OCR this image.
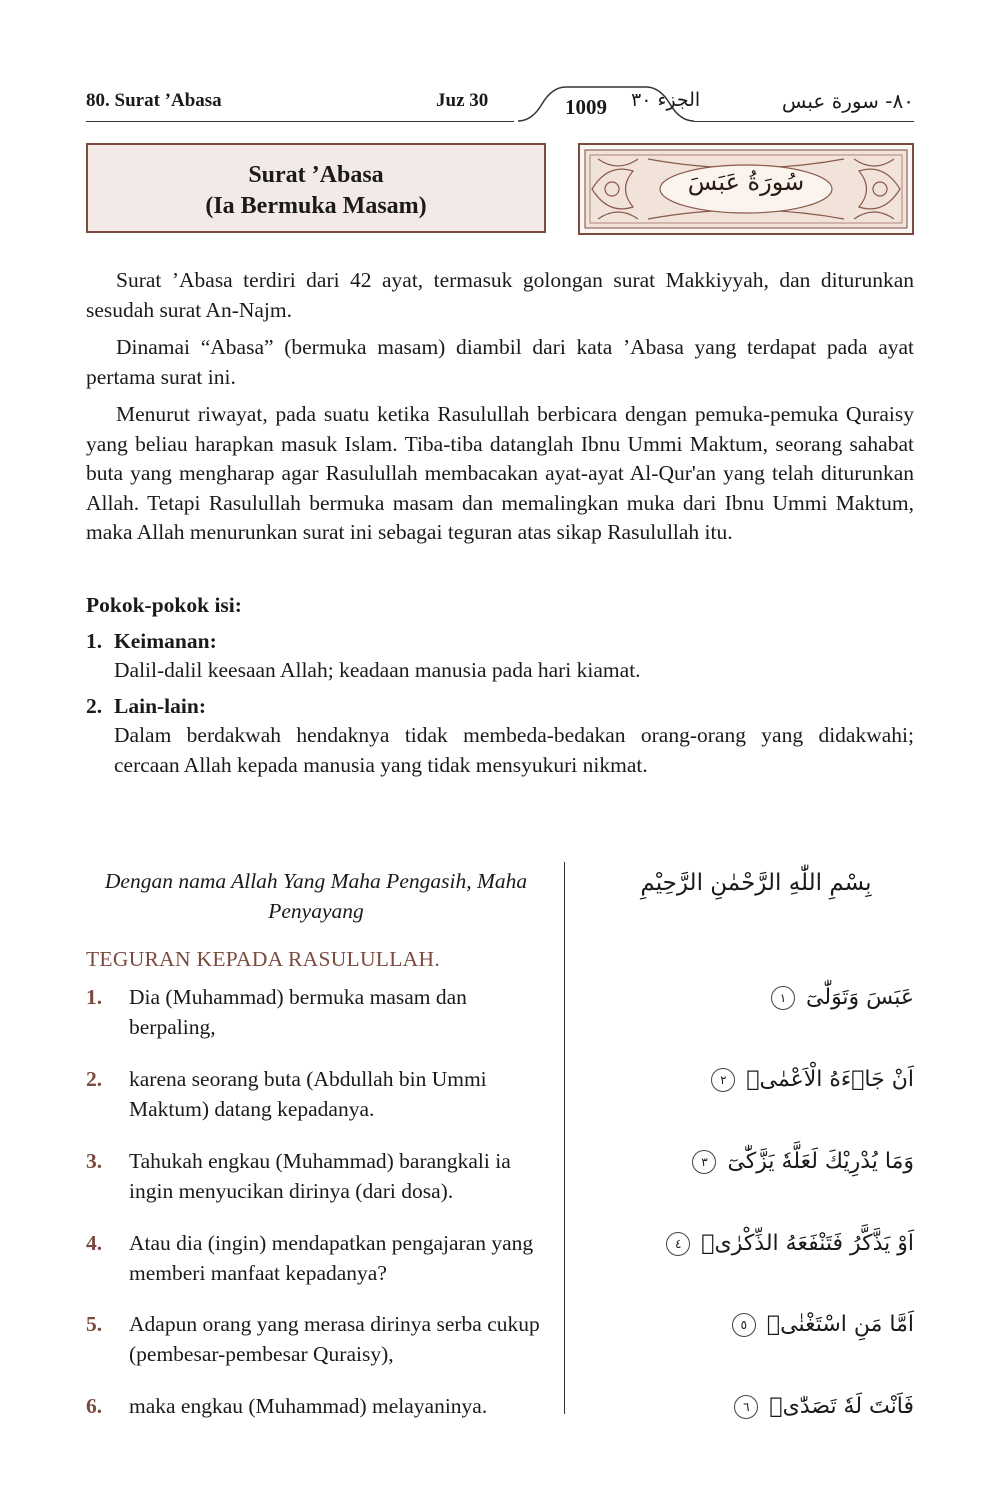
80. Surat ’Abasa	Juz 30	1009	الجزء ٣٠	٨٠- سورة عبس
Surat ’Abasa
(Ia Bermuka Masam)
سُورَةُ عَبَسَ

Surat ’Abasa terdiri dari 42 ayat, termasuk golongan surat Makkiyyah, dan diturunkan sesudah surat An-Najm.

Dinamai “Abasa” (bermuka masam) diambil dari kata ’Abasa yang terdapat pada ayat pertama surat ini.

Menurut riwayat, pada suatu ketika Rasulullah berbicara dengan pemuka-pemuka Quraisy yang beliau harapkan masuk Islam. Tiba-tiba datanglah Ibnu Ummi Maktum, seorang sahabat buta yang mengharap agar Rasulullah membacakan ayat-ayat Al-Qur'an yang telah diturunkan Allah. Tetapi Rasulullah bermuka masam dan memalingkan muka dari Ibnu Ummi Maktum, maka Allah menurunkan surat ini sebagai teguran atas sikap Rasulullah itu.

Pokok-pokok isi:
1. Keimanan:
Dalil-dalil keesaan Allah; keadaan manusia pada hari kiamat.
2. Lain-lain:
Dalam berdakwah hendaknya tidak membeda-bedakan orang-orang yang didakwahi; cercaan Allah kepada manusia yang tidak mensyukuri nikmat.
Dengan nama Allah Yang Maha Pengasih, Maha Penyayang
بِسْمِ اللّٰهِ الرَّحْمٰنِ الرَّحِيْمِ
TEGURAN KEPADA RASULULLAH.
1.	Dia (Muhammad) bermuka masam dan berpaling,
2.	karena seorang buta (Abdullah bin Ummi Maktum) datang kepadanya.
3.	Tahukah engkau (Muhammad) barangkali ia ingin menyucikan dirinya (dari dosa).
4.	Atau dia (ingin) mendapatkan pengajaran yang memberi manfaat kepadanya?
5.	Adapun orang yang merasa dirinya serba cukup (pembesar-pembesar Quraisy),
6.	maka engkau (Muhammad) melayaninya.
عَبَسَ وَتَوَلّٰىٓ ١
اَنْ جَاۤءَهُ الْاَعْمٰىۗ ٢
وَمَا يُدْرِيْكَ لَعَلَّهٗ يَزَّكّٰىٓ ٣
اَوْ يَذَّكَّرُ فَتَنْفَعَهُ الذِّكْرٰىۗ ٤
اَمَّا مَنِ اسْتَغْنٰىۙ ٥
فَاَنْتَ لَهٗ تَصَدّٰىۗ ٦
